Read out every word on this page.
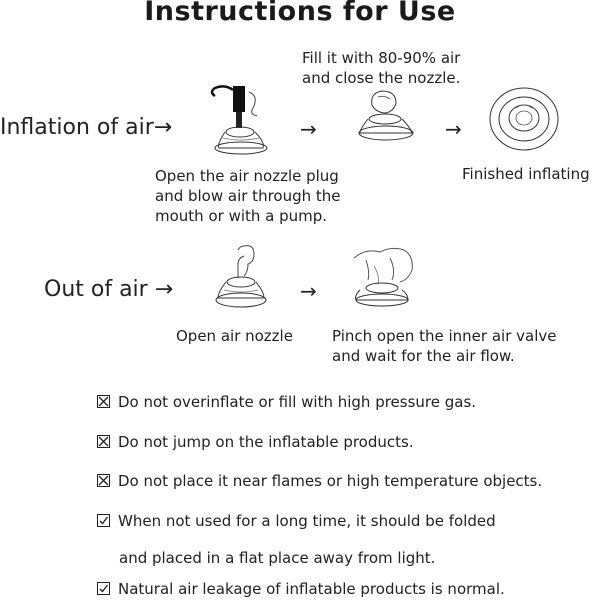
Instructions for Use
Inflation of air→	→
Fill it with 80-90% air
and close the nozzle.
→
Open the air nozzle plug
and blow air through the
mouth or with a pump.
Finished inflating
Out of air →	→
Open air nozzle	Pinch open the inner air valve
and wait for the air flow.
Do not overinflate or fill with high pressure gas.
Do not jump on the inflatable products.
Do not place it near flames or high temperature objects.
When not used for a long time, it should be folded
and placed in a flat place away from light.
Natural air leakage of inflatable products is normal.
